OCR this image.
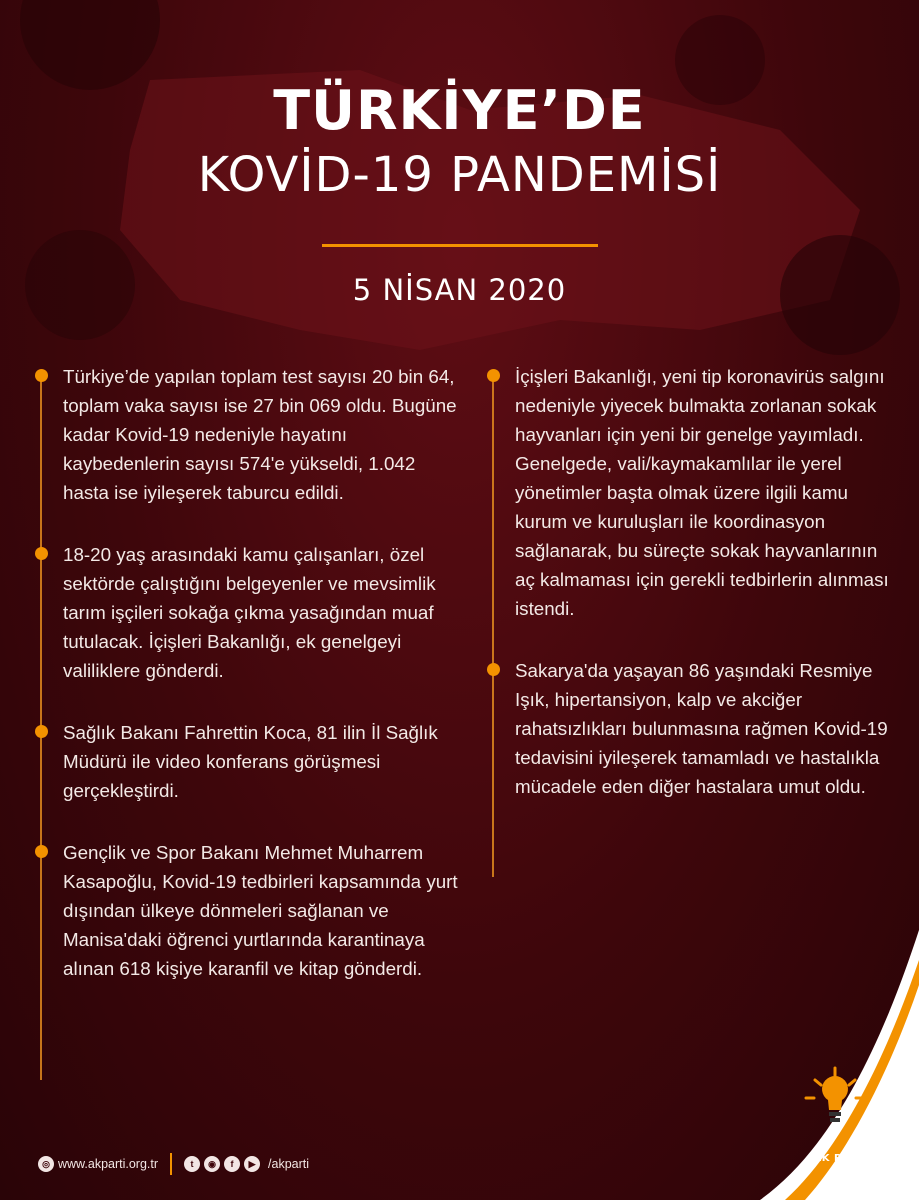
TÜRKİYE’DE
KOVİD-19 PANDEMİSİ
5 NİSAN 2020
Türkiye’de yapılan toplam test sayısı 20 bin 64, toplam vaka sayısı ise 27 bin 069 oldu. Bugüne kadar Kovid-19 nedeniyle hayatını kaybedenlerin sayısı 574'e yükseldi, 1.042 hasta ise iyileşerek taburcu edildi.
18-20 yaş arasındaki kamu çalışanları, özel sektörde çalıştığını belgeyenler ve mevsimlik tarım işçileri sokağa çıkma yasağından muaf tutulacak. İçişleri Bakanlığı, ek genelgeyi valiliklere gönderdi.
Sağlık Bakanı Fahrettin Koca, 81 ilin İl Sağlık Müdürü ile video konferans görüşmesi gerçekleştirdi.
Gençlik ve Spor Bakanı Mehmet Muharrem Kasapoğlu, Kovid-19 tedbirleri kapsamında yurt dışından ülkeye dönmeleri sağlanan ve Manisa'daki öğrenci yurtlarında karantinaya alınan 618 kişiye karanfil ve kitap gönderdi.
İçişleri Bakanlığı, yeni tip koronavirüs salgını nedeniyle yiyecek bulmakta zorlanan sokak hayvanları için yeni bir genelge yayımladı. Genelgede, vali/kaymakamlılar ile yerel yönetimler başta olmak üzere ilgili kamu kurum ve kuruluşları ile koordinasyon sağlanarak, bu süreçte sokak hayvanlarının aç kalmaması için gerekli tedbirlerin alınması istendi.
Sakarya'da yaşayan 86 yaşındaki Resmiye Işık, hipertansiyon, kalp ve akciğer rahatsızlıkları bulunmasına rağmen Kovid-19 tedavisini iyileşerek tamamladı ve hastalıkla mücadele eden diğer hastalara umut oldu.
◎ www.akparti.org.tr	t	◉	f	▶	/akparti	AK PARTİ
